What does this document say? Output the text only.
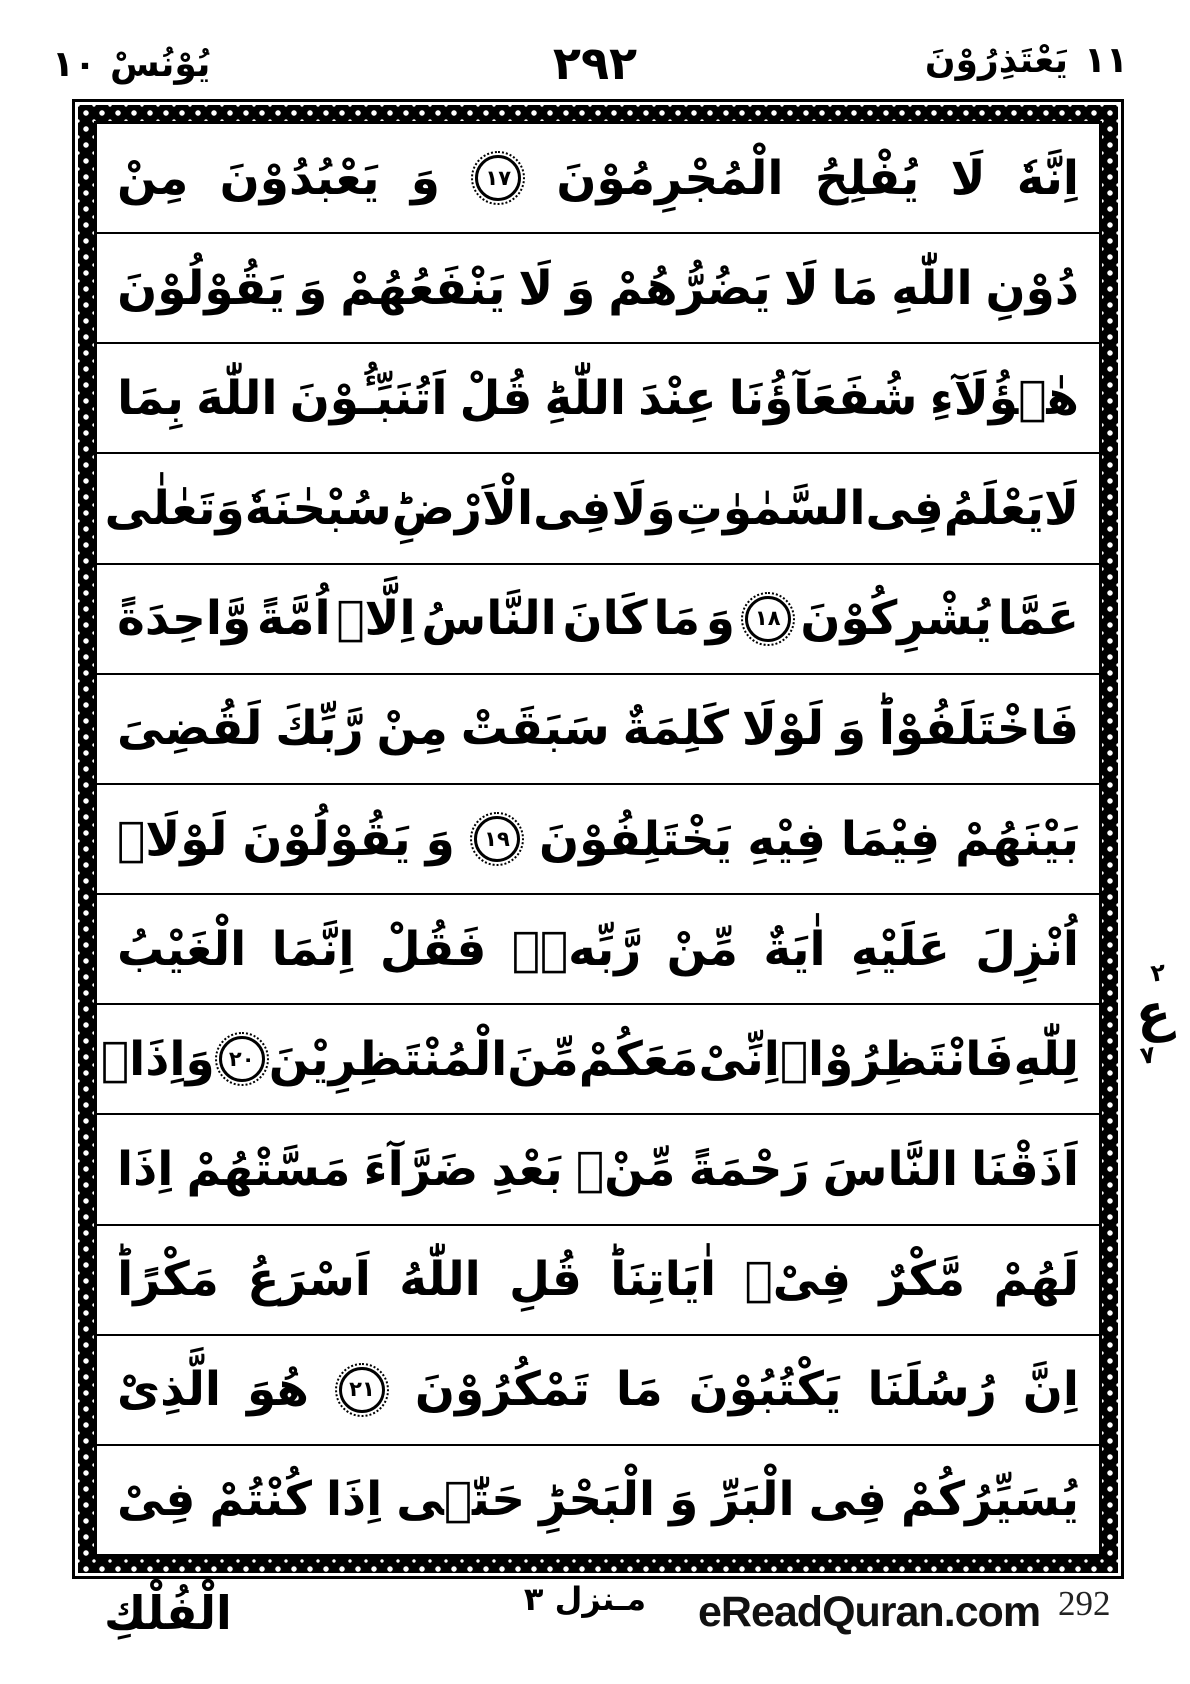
١٠ يُوْنُسْ	٢٩٢	يَعْتَذِرُوْنَ ١١
اِنَّهٗ
لَا
يُفْلِحُ
الْمُجْرِمُوْنَ
١٧
وَ
يَعْبُدُوْنَ
مِنْ
دُوْنِ
اللّٰهِ
مَا
لَا
يَضُرُّهُمْ
وَ
لَا
يَنْفَعُهُمْ
وَ
يَقُوْلُوْنَ
هٰۤؤُلَآءِ
شُفَعَآؤُنَا
عِنْدَ
اللّٰهِؕ
قُلْ
اَتُنَبِّـُٔوْنَ
اللّٰهَ
بِمَا
لَا
يَعْلَمُ
فِی
السَّمٰوٰتِ
وَ
لَا
فِی
الْاَرْضِؕ
سُبْحٰنَهٗ
وَ
تَعٰلٰی
عَمَّا
يُشْرِكُوْنَ
١٨
وَ
مَا
كَانَ
النَّاسُ
اِلَّاۤ
اُمَّةً
وَّاحِدَةً
فَاخْتَلَفُوْاؕ
وَ
لَوْلَا
كَلِمَةٌ
سَبَقَتْ
مِنْ
رَّبِّكَ
لَقُضِیَ
بَيْنَهُمْ
فِيْمَا
فِيْهِ
يَخْتَلِفُوْنَ
١٩
وَ
يَقُوْلُوْنَ
لَوْلَاۤ
اُنْزِلَ
عَلَيْهِ
اٰيَةٌ
مِّنْ
رَّبِّهٖۚ
فَقُلْ
اِنَّمَا
الْغَيْبُ
لِلّٰهِ
فَانْتَظِرُوْاۚ
اِنِّیْ
مَعَكُمْ
مِّنَ
الْمُنْتَظِرِيْنَ
٢٠
وَ
اِذَاۤ
اَذَقْنَا
النَّاسَ
رَحْمَةً
مِّنْۢ
بَعْدِ
ضَرَّآءَ
مَسَّتْهُمْ
اِذَا
لَهُمْ
مَّكْرٌ
فِیْۤ
اٰيَاتِنَاؕ
قُلِ
اللّٰهُ
اَسْرَعُ
مَكْرًاؕ
اِنَّ
رُسُلَنَا
يَكْتُبُوْنَ
مَا
تَمْكُرُوْنَ
٢١
هُوَ
الَّذِیْ
يُسَيِّرُكُمْ
فِی
الْبَرِّ
وَ
الْبَحْرِؕ
حَتّٰۤی
اِذَا
كُنْتُمْ
فِیْ
٢
ع
٧
الْفُلْكِ	مـنزل ٣	eReadQuran.com 292
